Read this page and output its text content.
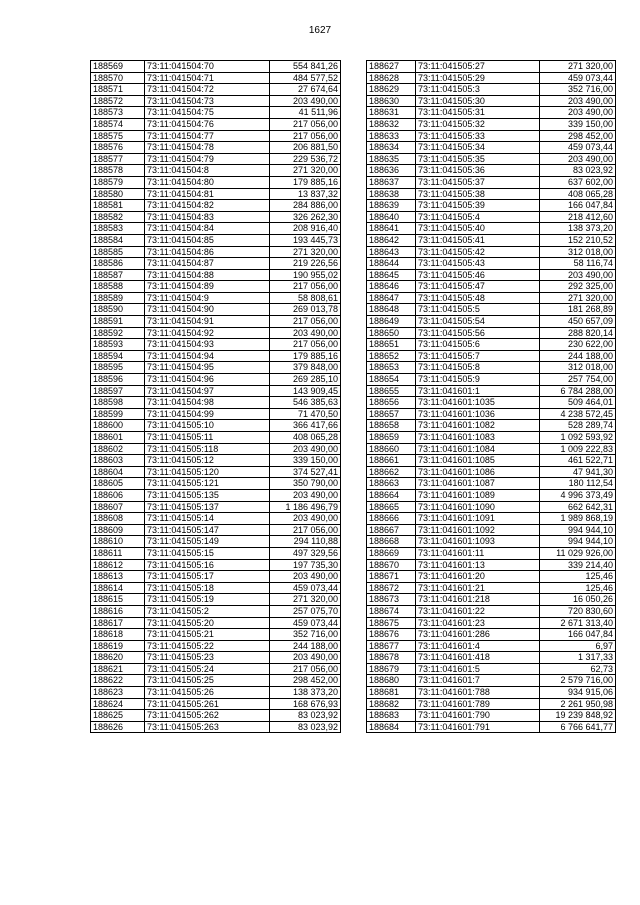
1627
188569	73:11:041504:70	554 841,26
188570	73:11:041504:71	484 577,52
188571	73:11:041504:72	27 674,64
188572	73:11:041504:73	203 490,00
188573	73:11:041504:75	41 511,96
188574	73:11:041504:76	217 056,00
188575	73:11:041504:77	217 056,00
188576	73:11:041504:78	206 881,50
188577	73:11:041504:79	229 536,72
188578	73:11:041504:8	271 320,00
188579	73:11:041504:80	179 885,16
188580	73:11:041504:81	13 837,32
188581	73:11:041504:82	284 886,00
188582	73:11:041504:83	326 262,30
188583	73:11:041504:84	208 916,40
188584	73:11:041504:85	193 445,73
188585	73:11:041504:86	271 320,00
188586	73:11:041504:87	219 226,56
188587	73:11:041504:88	190 955,02
188588	73:11:041504:89	217 056,00
188589	73:11:041504:9	58 808,61
188590	73:11:041504:90	269 013,78
188591	73:11:041504:91	217 056,00
188592	73:11:041504:92	203 490,00
188593	73:11:041504:93	217 056,00
188594	73:11:041504:94	179 885,16
188595	73:11:041504:95	379 848,00
188596	73:11:041504:96	269 285,10
188597	73:11:041504:97	143 909,45
188598	73:11:041504:98	546 385,63
188599	73:11:041504:99	71 470,50
188600	73:11:041505:10	366 417,66
188601	73:11:041505:11	408 065,28
188602	73:11:041505:118	203 490,00
188603	73:11:041505:12	339 150,00
188604	73:11:041505:120	374 527,41
188605	73:11:041505:121	350 790,00
188606	73:11:041505:135	203 490,00
188607	73:11:041505:137	1 186 496,79
188608	73:11:041505:14	203 490,00
188609	73:11:041505:147	217 056,00
188610	73:11:041505:149	294 110,88
188611	73:11:041505:15	497 329,56
188612	73:11:041505:16	197 735,30
188613	73:11:041505:17	203 490,00
188614	73:11:041505:18	459 073,44
188615	73:11:041505:19	271 320,00
188616	73:11:041505:2	257 075,70
188617	73:11:041505:20	459 073,44
188618	73:11:041505:21	352 716,00
188619	73:11:041505:22	244 188,00
188620	73:11:041505:23	203 490,00
188621	73:11:041505:24	217 056,00
188622	73:11:041505:25	298 452,00
188623	73:11:041505:26	138 373,20
188624	73:11:041505:261	168 676,93
188625	73:11:041505:262	83 023,92
188626	73:11:041505:263	83 023,92
188627	73:11:041505:27	271 320,00
188628	73:11:041505:29	459 073,44
188629	73:11:041505:3	352 716,00
188630	73:11:041505:30	203 490,00
188631	73:11:041505:31	203 490,00
188632	73:11:041505:32	339 150,00
188633	73:11:041505:33	298 452,00
188634	73:11:041505:34	459 073,44
188635	73:11:041505:35	203 490,00
188636	73:11:041505:36	83 023,92
188637	73:11:041505:37	637 602,00
188638	73:11:041505:38	408 065,28
188639	73:11:041505:39	166 047,84
188640	73:11:041505:4	218 412,60
188641	73:11:041505:40	138 373,20
188642	73:11:041505:41	152 210,52
188643	73:11:041505:42	312 018,00
188644	73:11:041505:43	58 116,74
188645	73:11:041505:46	203 490,00
188646	73:11:041505:47	292 325,00
188647	73:11:041505:48	271 320,00
188648	73:11:041505:5	181 268,89
188649	73:11:041505:54	450 657,09
188650	73:11:041505:56	288 820,14
188651	73:11:041505:6	230 622,00
188652	73:11:041505:7	244 188,00
188653	73:11:041505:8	312 018,00
188654	73:11:041505:9	257 754,00
188655	73:11:041601:1	6 784 288,00
188656	73:11:041601:1035	509 464,01
188657	73:11:041601:1036	4 238 572,45
188658	73:11:041601:1082	528 289,74
188659	73:11:041601:1083	1 092 593,92
188660	73:11:041601:1084	1 009 222,83
188661	73:11:041601:1085	461 522,71
188662	73:11:041601:1086	47 941,30
188663	73:11:041601:1087	180 112,54
188664	73:11:041601:1089	4 996 373,49
188665	73:11:041601:1090	662 642,31
188666	73:11:041601:1091	1 989 868,19
188667	73:11:041601:1092	994 944,10
188668	73:11:041601:1093	994 944,10
188669	73:11:041601:11	11 029 926,00
188670	73:11:041601:13	339 214,40
188671	73:11:041601:20	125,46
188672	73:11:041601:21	125,46
188673	73:11:041601:218	16 050,26
188674	73:11:041601:22	720 830,60
188675	73:11:041601:23	2 671 313,40
188676	73:11:041601:286	166 047,84
188677	73:11:041601:4	6,97
188678	73:11:041601:418	1 317,33
188679	73:11:041601:5	62,73
188680	73:11:041601:7	2 579 716,00
188681	73:11:041601:788	934 915,06
188682	73:11:041601:789	2 261 950,98
188683	73:11:041601:790	19 239 848,92
188684	73:11:041601:791	6 766 641,77
